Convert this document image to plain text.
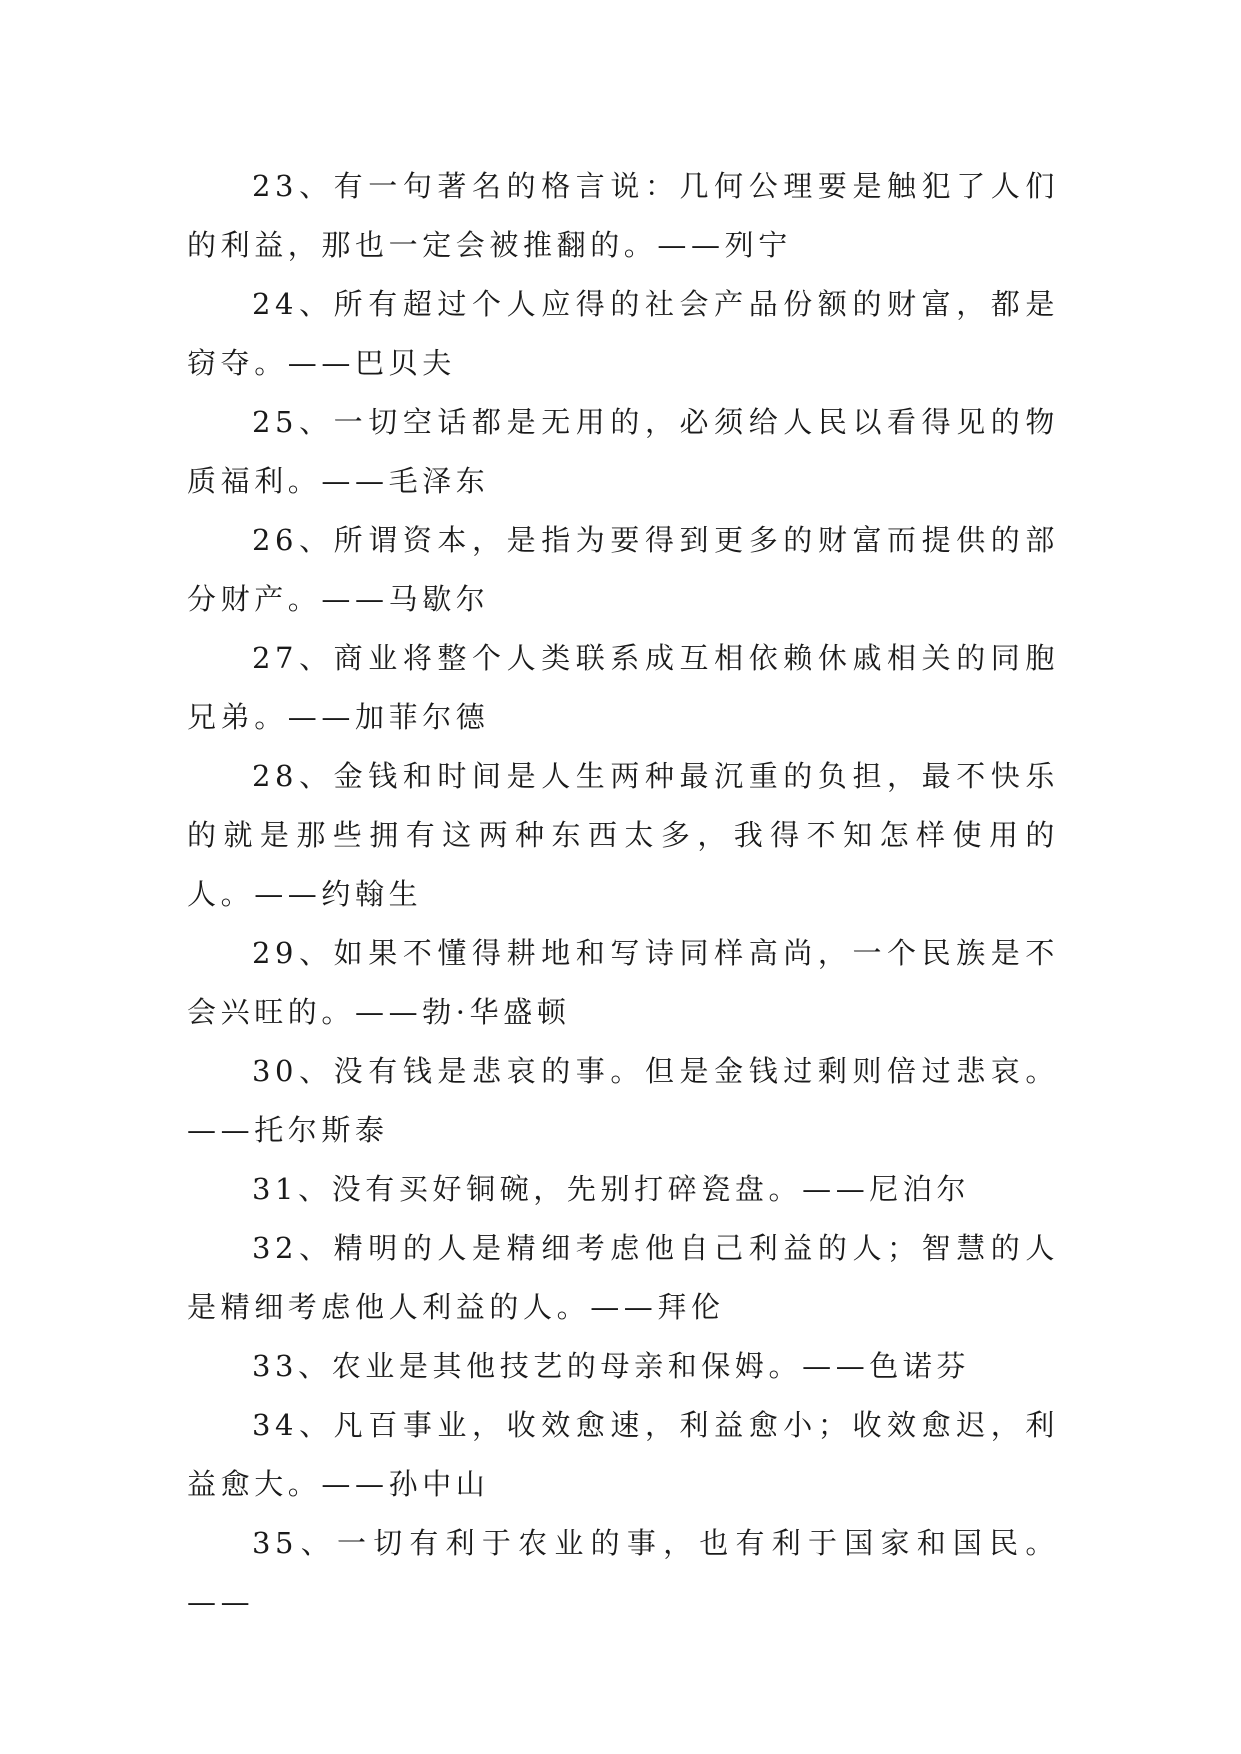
23、有一句著名的格言说：几何公理要是触犯了人们的利益，那也一定会被推翻的。——列宁

24、所有超过个人应得的社会产品份额的财富，都是窃夺。——巴贝夫

25、一切空话都是无用的，必须给人民以看得见的物质福利。——毛泽东

26、所谓资本，是指为要得到更多的财富而提供的部分财产。——马歇尔

27、商业将整个人类联系成互相依赖休戚相关的同胞兄弟。——加菲尔德

28、金钱和时间是人生两种最沉重的负担，最不快乐的就是那些拥有这两种东西太多，我得不知怎样使用的人。——约翰生

29、如果不懂得耕地和写诗同样高尚，一个民族是不会兴旺的。——勃·华盛顿

30、没有钱是悲哀的事。但是金钱过剩则倍过悲哀。——托尔斯泰

31、没有买好铜碗，先别打碎瓷盘。——尼泊尔

32、精明的人是精细考虑他自己利益的人；智慧的人是精细考虑他人利益的人。——拜伦

33、农业是其他技艺的母亲和保姆。——色诺芬

34、凡百事业，收效愈速，利益愈小；收效愈迟，利益愈大。——孙中山

35、一切有利于农业的事，也有利于国家和国民。——
